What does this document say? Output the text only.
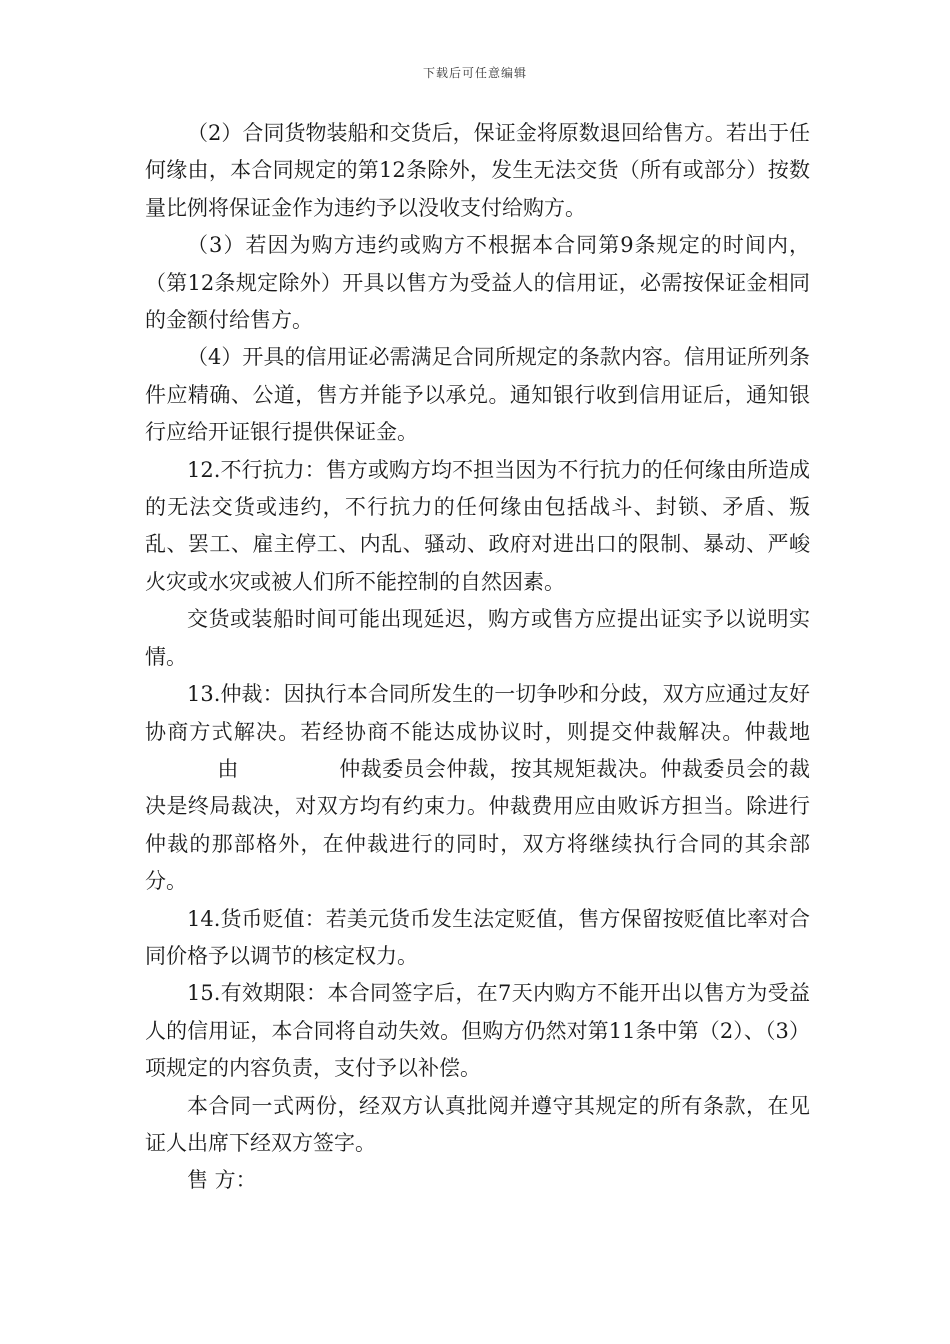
下载后可任意编辑

（2）合同货物装船和交货后，保证金将原数退回给售方。若出于任何缘由，本合同规定的第12条除外，发生无法交货（所有或部分）按数量比例将保证金作为违约予以没收支付给购方。

（3）若因为购方违约或购方不根据本合同第9条规定的时间内，（第12条规定除外）开具以售方为受益人的信用证，必需按保证金相同的金额付给售方。

（4）开具的信用证必需满足合同所规定的条款内容。信用证所列条件应精确、公道，售方并能予以承兑。通知银行收到信用证后，通知银行应给开证银行提供保证金。

12.不行抗力：售方或购方均不担当因为不行抗力的任何缘由所造成的无法交货或违约，不行抗力的任何缘由包括战斗、封锁、矛盾、叛乱、罢工、雇主停工、内乱、骚动、政府对进出口的限制、暴动、严峻火灾或水灾或被人们所不能控制的自然因素。

交货或装船时间可能出现延迟，购方或售方应提出证实予以说明实情。

13.仲裁：因执行本合同所发生的一切争吵和分歧，双方应通过友好协商方式解决。若经协商不能达成协议时，则提交仲裁解决。仲裁地由	仲裁委员会仲裁，按其规矩裁决。仲裁委员会的裁决是终局裁决，对双方均有约束力。仲裁费用应由败诉方担当。除进行仲裁的那部格外，在仲裁进行的同时，双方将继续执行合同的其余部分。

14.货币贬值：若美元货币发生法定贬值，售方保留按贬值比率对合同价格予以调节的核定权力。

15.有效期限：本合同签字后，在7天内购方不能开出以售方为受益人的信用证，本合同将自动失效。但购方仍然对第11条中第（2）、（3）项规定的内容负责，支付予以补偿。

本合同一式两份，经双方认真批阅并遵守其规定的所有条款，在见证人出席下经双方签字。

售 方：
